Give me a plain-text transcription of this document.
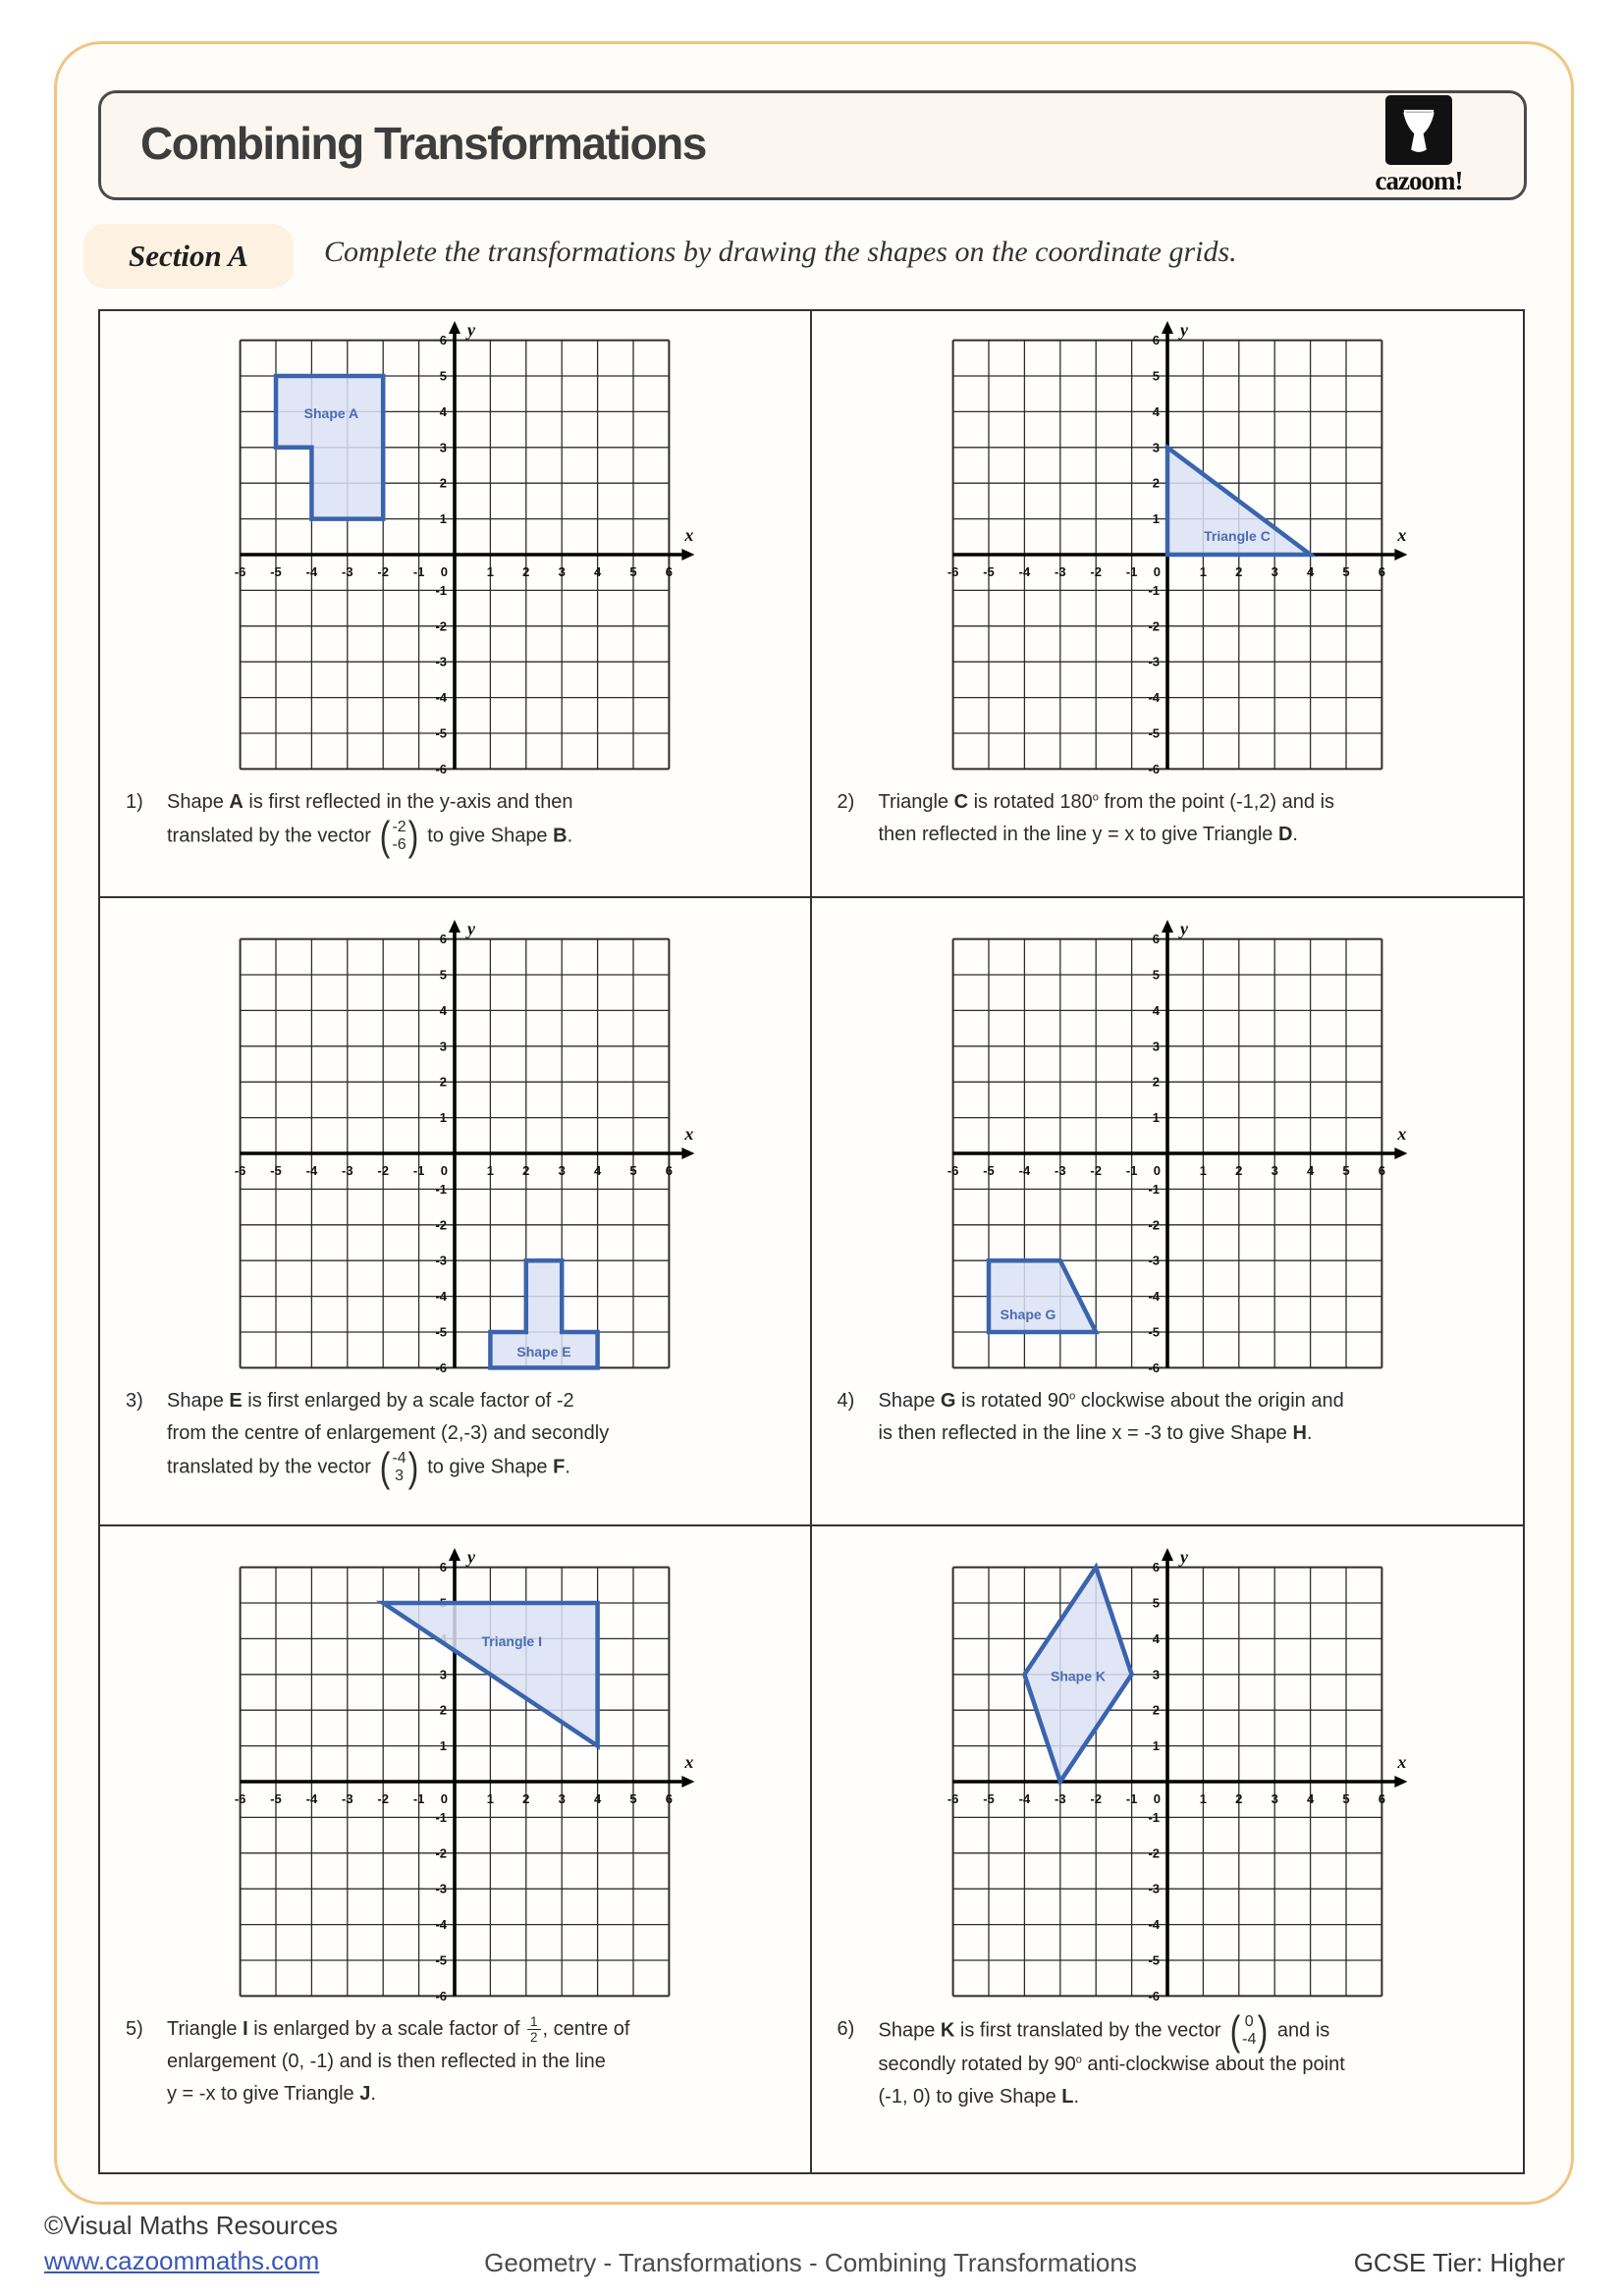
Combining Transformations
cazoom!
Section A	Complete the transformations by drawing the shapes on the coordinate grids.
-6
-6
-5
-5
-4
-4
-3
-3
-2
-2
-1
-1
1
1
2
2
3
3
4
4
5
5
6
6
0
x
y
Shape A
1)	Shape A is first reflected in the y-axis and then
translated by the vector ( -2
-6 ) to give Shape B.
-6
-6
-5
-5
-4
-4
-3
-3
-2
-2
-1
-1
1
1
2
2
3
3
4
4
5
5
6
6
0
x
y
Triangle C
2)	Triangle C is rotated 180$^o$ from the point (-1,2) and is
then reflected in the line y = x to give Triangle D.
-6
-6
-5
-5
-4
-4
-3
-3
-2
-2
-1
-1
1
1
2
2
3
3
4
4
5
5
6
6
0
x
y
Shape E
3)	Shape E is first enlarged by a scale factor of -2
from the centre of enlargement (2,-3) and secondly
translated by the vector ( -4
3 ) to give Shape F.
-6
-6
-5
-5
-4
-4
-3
-3
-2
-2
-1
-1
1
1
2
2
3
3
4
4
5
5
6
6
0
x
y
Shape G
4)	Shape G is rotated 90$^o$ clockwise about the origin and
is then reflected in the line x = -3 to give Shape H.
-6
-6
-5
-5
-4
-4
-3
-3
-2
-2
-1
-1
1
1
2
2
3
3
4 5 6
6
0
x
y
Triangle I
5)	Triangle I is enlarged by a scale factor of $\frac{1}{2}$ , centre of
enlargement (0, -1) and is then reflected in the line
y = -x to give Triangle J.
-6
-6
-5
-5
-4
-4
-3
-3
-2
-2
-1
-1
1
1
2
2
3
3
4
4
5
5
6
6
0
x
y
Shape K
6)	Shape K is first translated by the vector ( 0
-4 ) and is
secondly rotated by 90$^o$ anti-clockwise about the point
(-1, 0) to give Shape L.
©Visual Maths Resources
www.cazoommaths.com	Geometry - Transformations - Combining Transformations	GCSE Tier: Higher
